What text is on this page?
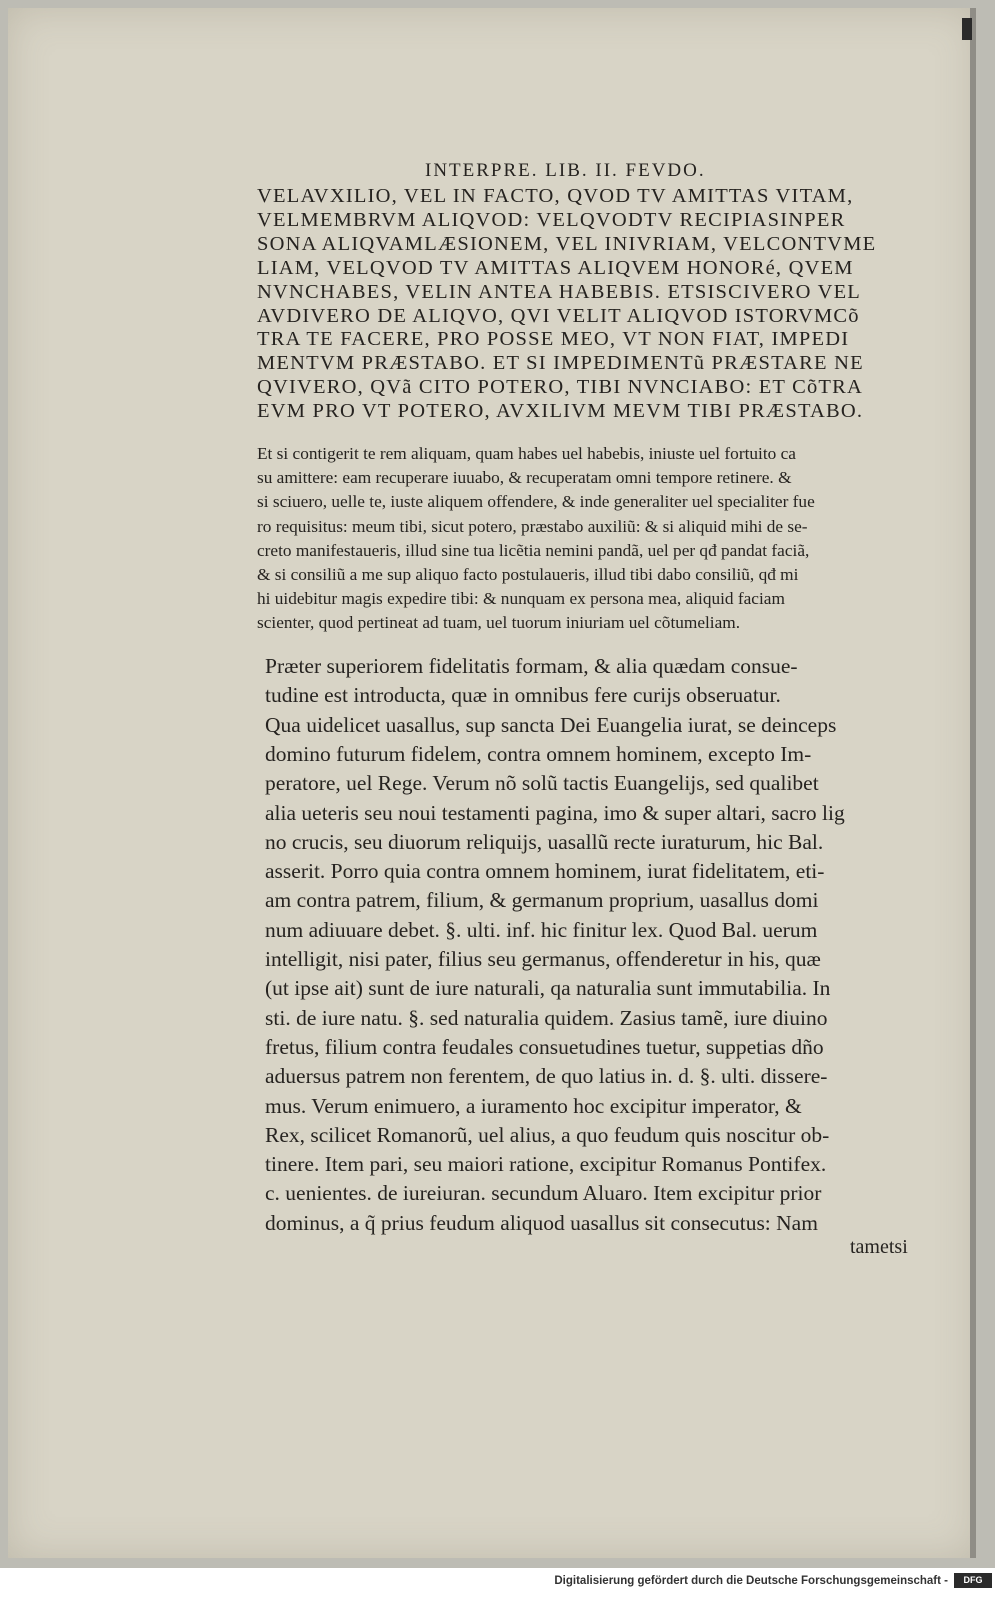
INTERPRE. LIB. II. FEVDO.
VELAVXILIO, VEL IN FACTO, QVOD TV AMITTAS VITAM,
VELMEMBRVM ALIQVOD: VELQVODTV RECIPIASINPER
SONA ALIQVAMLÆSIONEM, VEL INIVRIAM, VELCONTVME
LIAM, VELQVOD TV AMITTAS ALIQVEM HONORé, QVEM
NVNCHABES, VELIN ANTEA HABEBIS. ETSISCIVERO VEL
AVDIVERO DE ALIQVO, QVI VELIT ALIQVOD ISTORVMCõ
TRA TE FACERE, PRO POSSE MEO, VT NON FIAT, IMPEDI
MENTVM PRÆSTABO. ET SI IMPEDIMENTũ PRÆSTARE NE
QVIVERO, QVã CITO POTERO, TIBI NVNCIABO: ET CõTRA
EVM PRO VT POTERO, AVXILIVM MEVM TIBI PRÆSTABO.
Et si contigerit te rem aliquam, quam habes uel habebis, iniuste uel fortuito ca
su amittere: eam recuperare iuuabo, & recuperatam omni tempore retinere. &
si sciuero, uelle te, iuste aliquem offendere, & inde generaliter uel specialiter fue
ro requisitus: meum tibi, sicut potero, præstabo auxiliũ: & si aliquid mihi de se-
creto manifestaueris, illud sine tua licẽtia nemini pandã, uel per qđ pandat faciã,
& si consiliũ a me sup aliquo facto postulaueris, illud tibi dabo consiliũ, qđ mi
hi uidebitur magis expedire tibi: & nunquam ex persona mea, aliquid faciam
scienter, quod pertineat ad tuam, uel tuorum iniuriam uel cõtumeliam.
Præter superiorem fidelitatis formam, & alia quædam consue-
tudine est introducta, quæ in omnibus fere curijs obseruatur.
Qua uidelicet uasallus, sup sancta Dei Euangelia iurat, se deinceps
domino futurum fidelem, contra omnem hominem, excepto Im-
peratore, uel Rege. Verum nõ solũ tactis Euangelijs, sed qualibet
alia ueteris seu noui testamenti pagina, imo & super altari, sacro lig
no crucis, seu diuorum reliquijs, uasallũ recte iuraturum, hic Bal.
asserit. Porro quia contra omnem hominem, iurat fidelitatem, eti-
am contra patrem, filium, & germanum proprium, uasallus domi
num adiuuare debet. §. ulti. inf. hic finitur lex. Quod Bal. uerum
intelligit, nisi pater, filius seu germanus, offenderetur in his, quæ
(ut ipse ait) sunt de iure naturali, qa naturalia sunt immutabilia. In
sti. de iure natu. §. sed naturalia quidem. Zasius tamẽ, iure diuino
fretus, filium contra feudales consuetudines tuetur, suppetias dño
aduersus patrem non ferentem, de quo latius in. d. §. ulti. dissere-
mus. Verum enimuero, a iuramento hoc excipitur imperator, &
Rex, scilicet Romanorũ, uel alius, a quo feudum quis noscitur ob-
tinere. Item pari, seu maiori ratione, excipitur Romanus Pontifex.
c. uenientes. de iureiuran. secundum Aluaro. Item excipitur prior
dominus, a q̃ prius feudum aliquod uasallus sit consecutus: Nam
tametsi
Digitalisierung gefördert durch die Deutsche Forschungsgemeinschaft -	DFG
